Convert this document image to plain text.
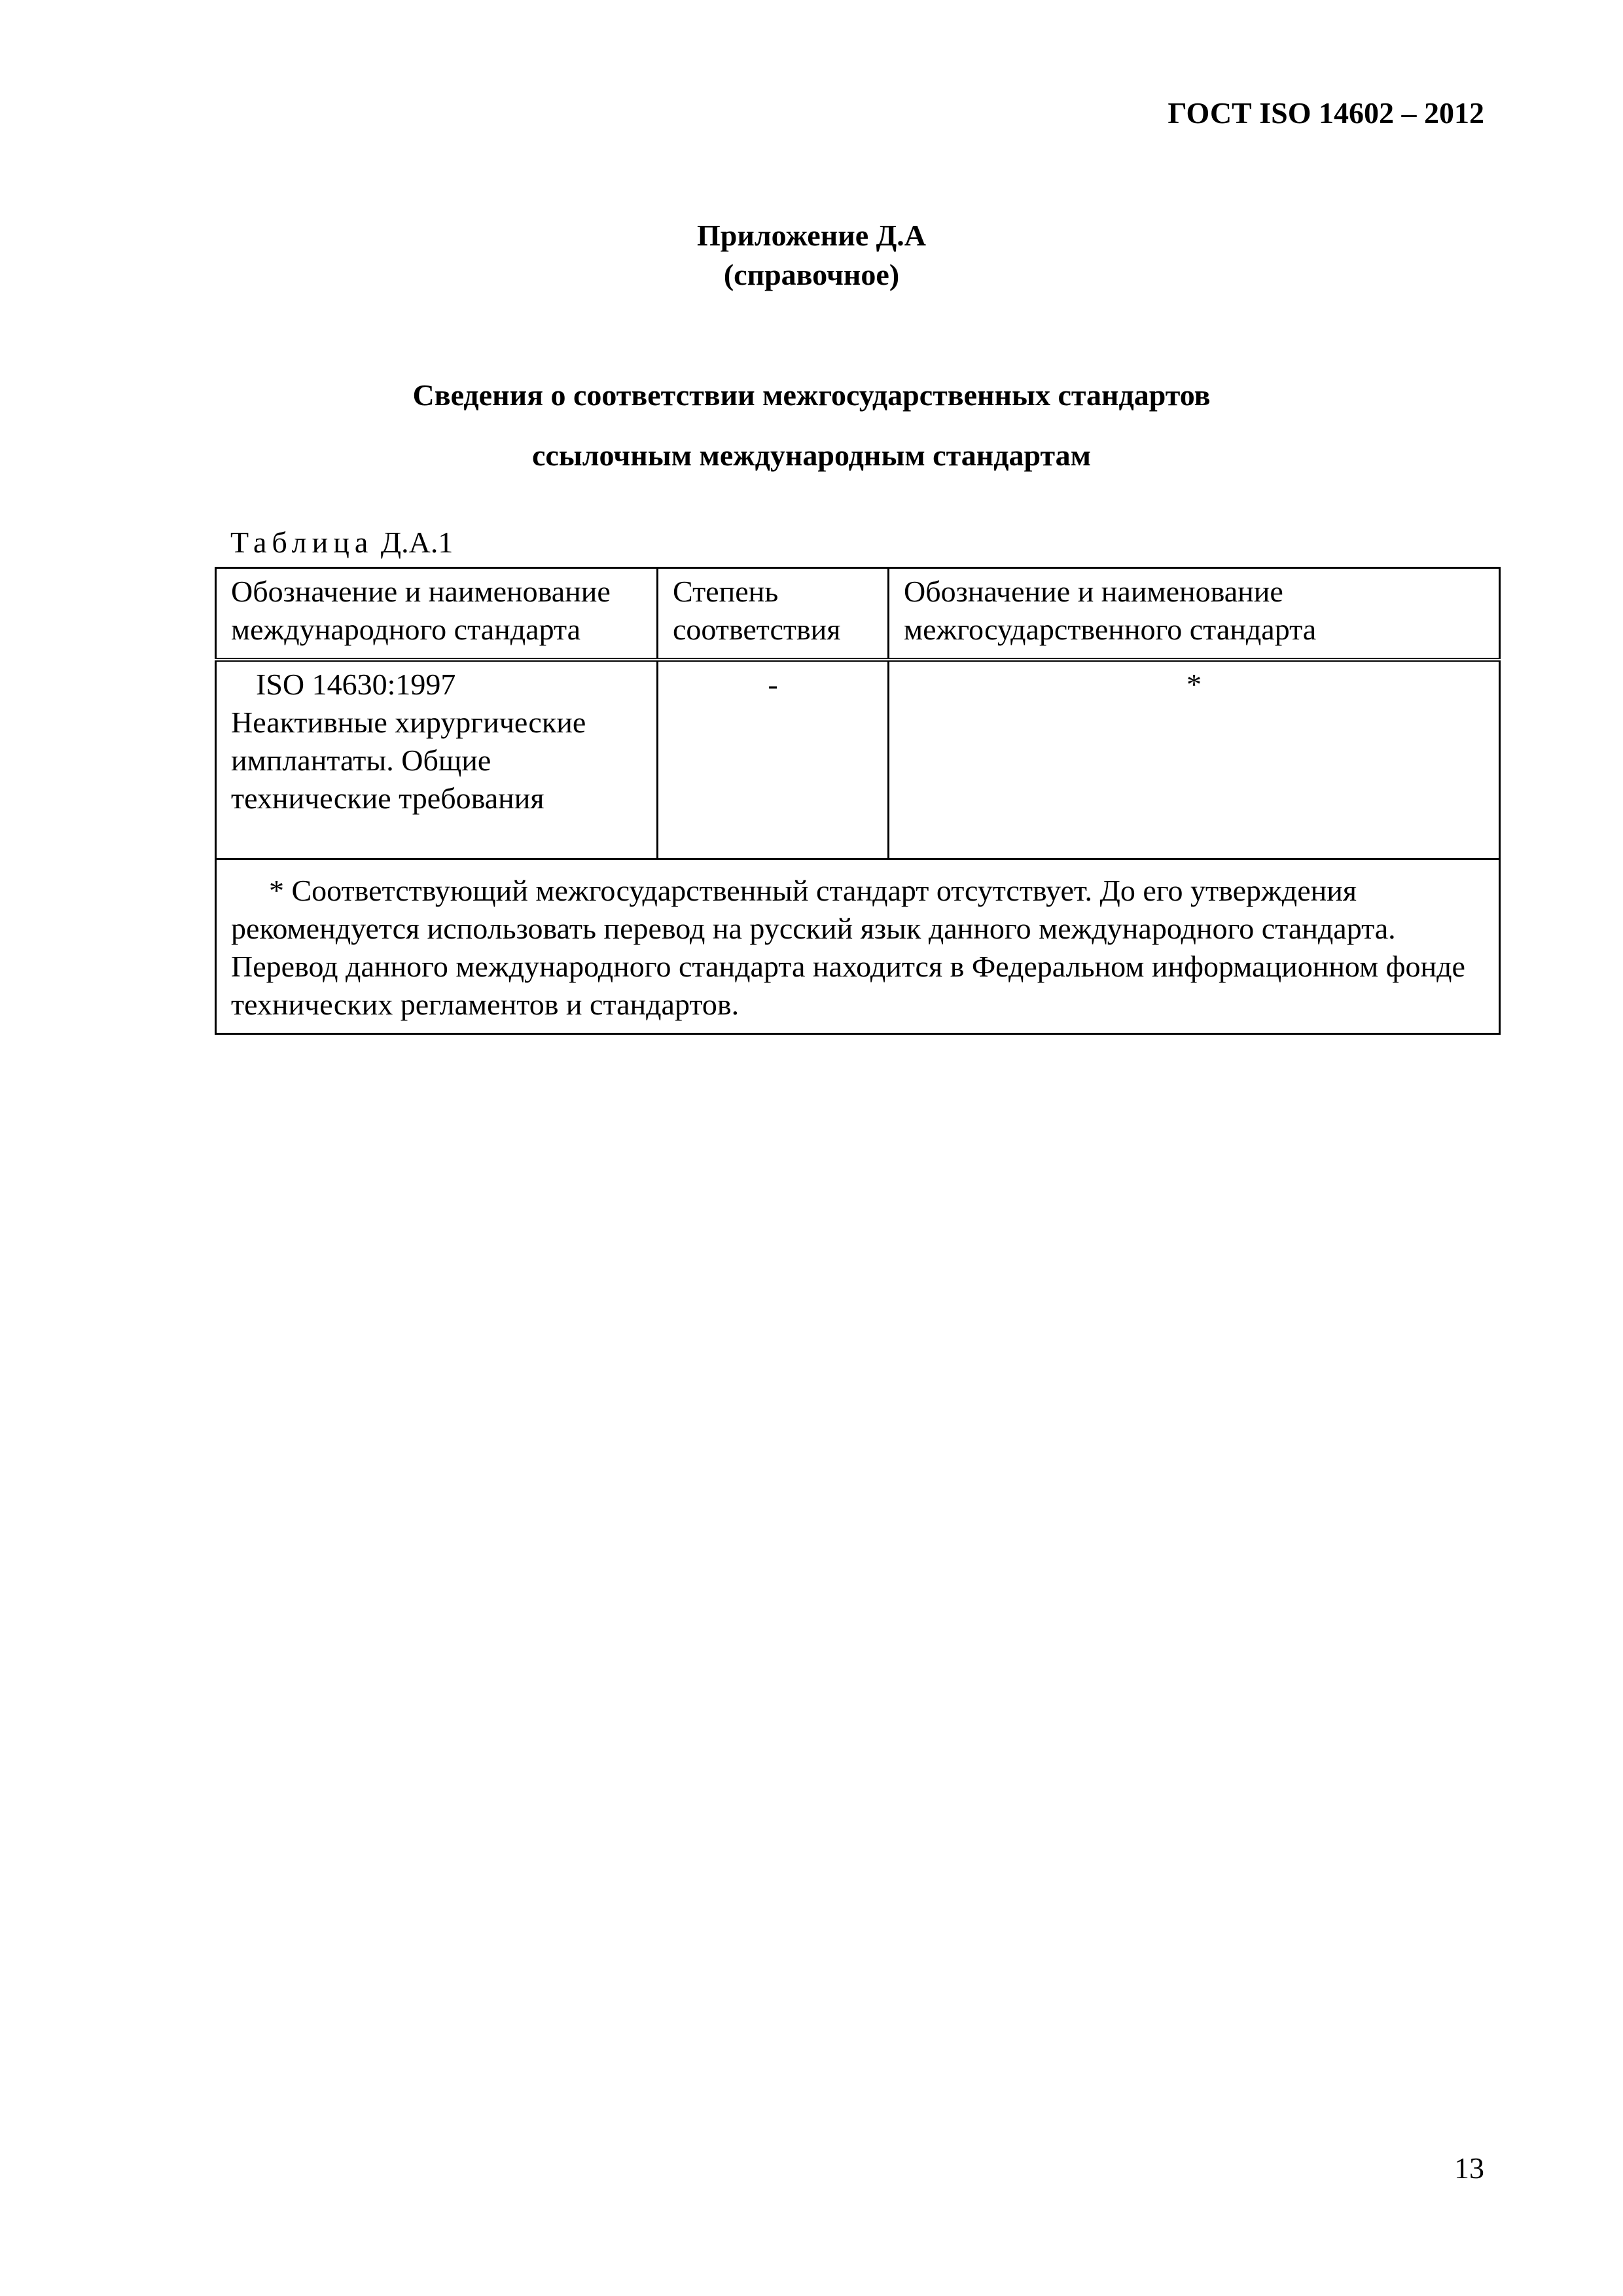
ГОСТ ISO 14602 – 2012
Приложение Д.А
(справочное)
Сведения о соответствии межгосударственных стандартов
ссылочным международным стандартам
Таблица Д.А.1
Обозначение и наименование международного стандарта	Степень соответствия	Обозначение и наименование межгосударственного стандарта

ISO 14630:1997
Неактивные хирургические имплантаты. Общие технические требования	-	*
* Соответствующий межгосударственный стандарт отсутствует. До его утверждения рекомендуется использовать перевод на русский язык данного международного стандарта. Перевод данного международного стандарта находится в Федеральном информационном фонде технических регламентов и стандартов.		
13
